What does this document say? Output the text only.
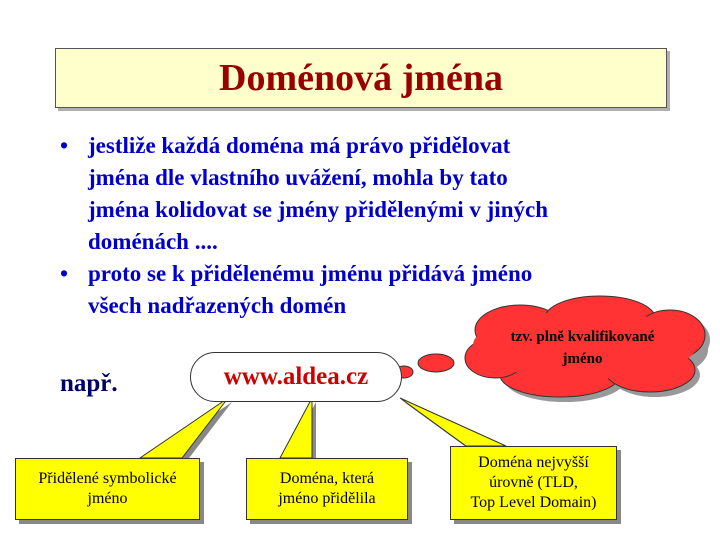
Doménová jména
• jestliže každá doména má právo přidělovat
jména dle vlastního uvážení, mohla by tato
jména kolidovat se jmény přidělenými v jiných
doménách ....
• proto se k přidělenému jménu přidává jméno
všech nadřazených domén
tzv. plně kvalifikované
jméno
např.	www.aldea.cz
Přidělené symbolické
jméno
Doména, která
jméno přidělila
Doména nejvyšší
úrovně (TLD,
Top Level Domain)
